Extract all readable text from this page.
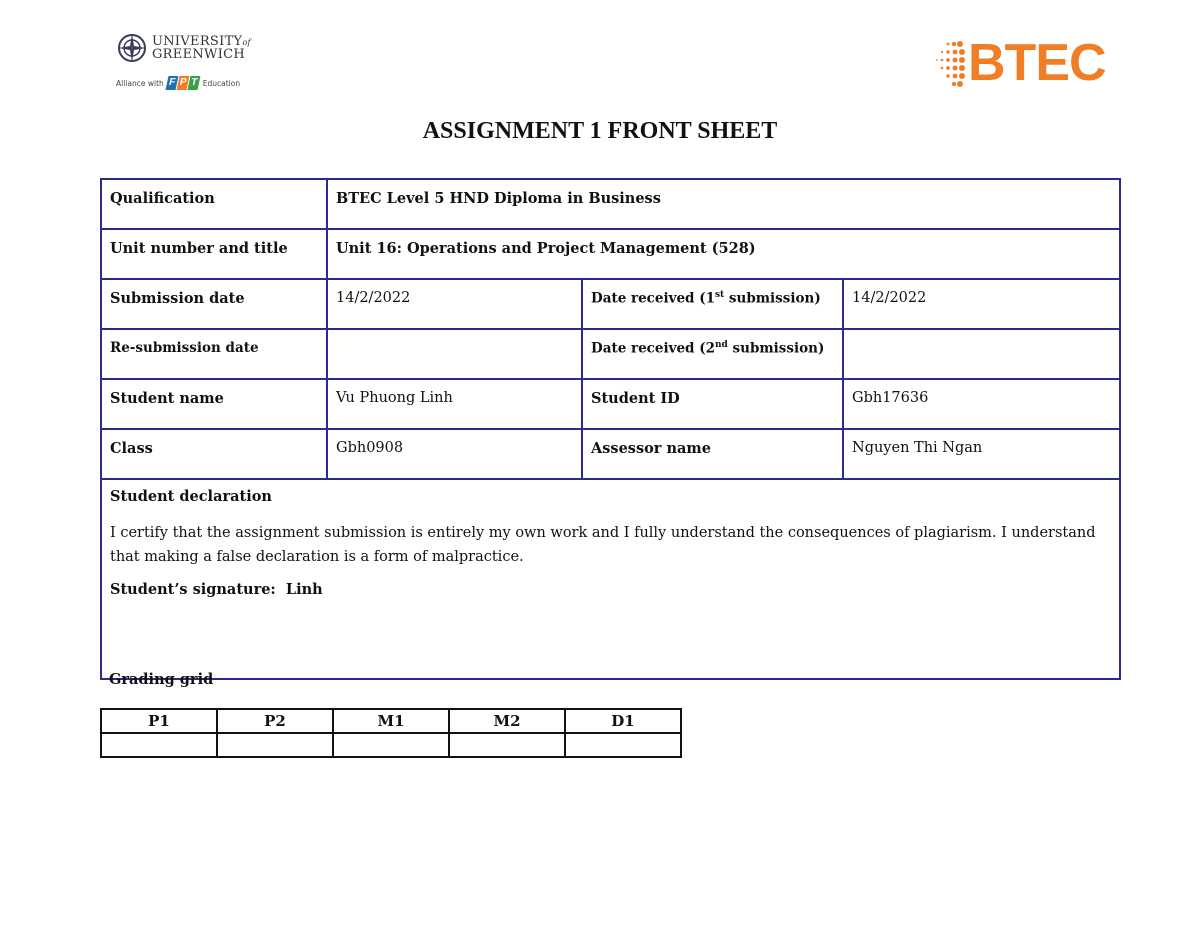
UNIVERSITYof
GREENWICH
Alliance with F P T Education	BTEC
ASSIGNMENT 1 FRONT SHEET
Qualification	BTEC Level 5 HND Diploma in Business		
Unit number and title	Unit 16: Operations and Project Management (528)		
Submission date	14/2/2022	Date received (1st submission)	14/2/2022
Re-submission date		Date received (2nd submission)	
Student name	Vu Phuong Linh	Student ID	Gbh17636
Class	Gbh0908	Assessor name	Nguyen Thi Ngan

Student declaration

I certify that the assignment submission is entirely my own work and I fully understand the consequences of plagiarism. I understand that making a false declaration is a form of malpractice.

Student’s signature: Linh			

Grading grid
P1	P2	M1	M2	D1
